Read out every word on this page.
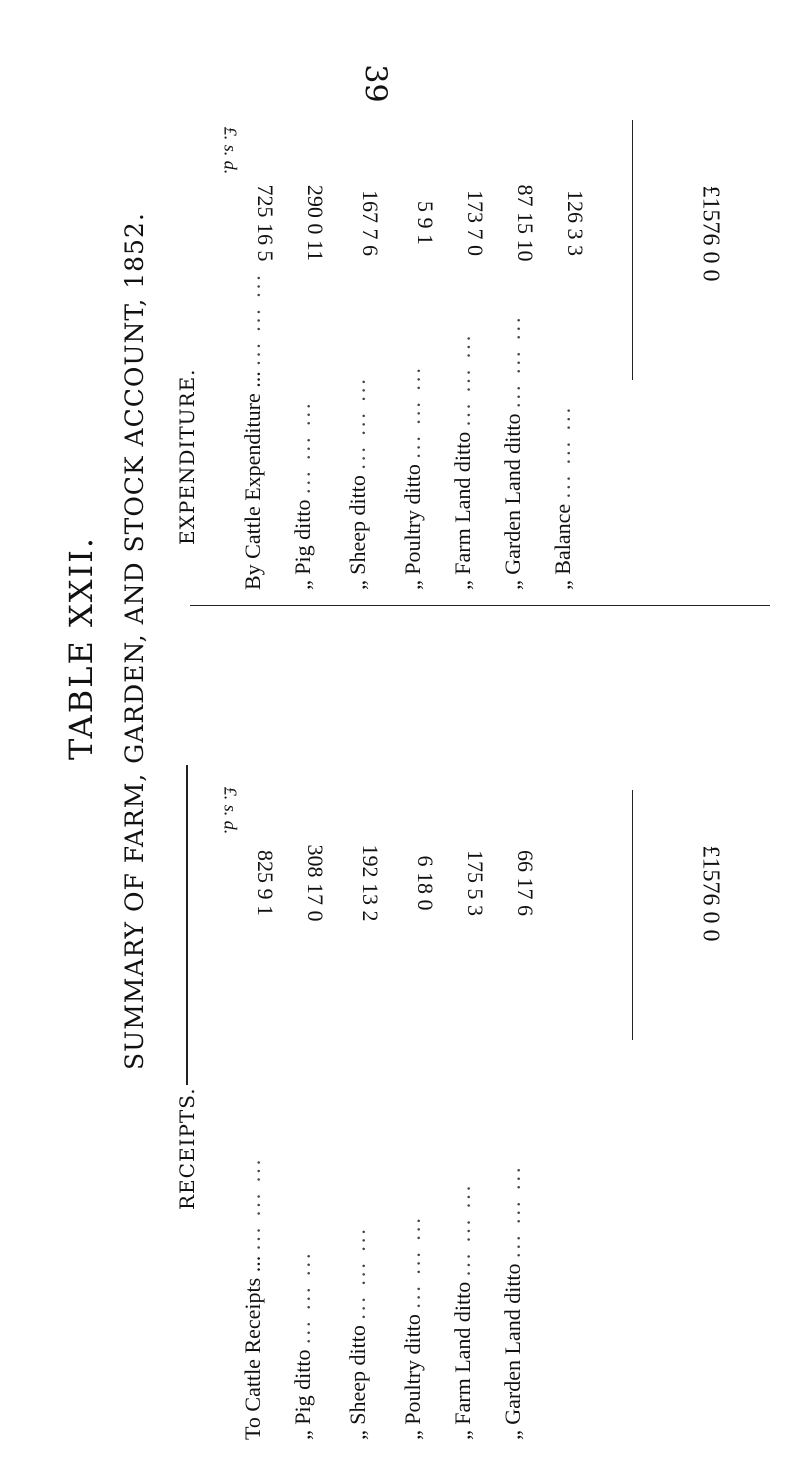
39
TABLE XXII. SUMMARY OF FARM, GARDEN, AND STOCK ACCOUNT, 1852. EXPENDITURE.
RECEIPTS.
£. s. d.
By Cattle Expenditure ... ... ... ...
725 16 5
„ Pig ditto ... ... ...
290 0 11
„ Sheep ditto ... ... ...
167 7 6
„ Poultry ditto ... ... ...
5 9 1
„ Farm Land ditto ... ... ...
173 7 0
„ Garden Land ditto ... ... ...
87 15 10
„ Balance ... ... ...
126 3 3	£1576 0 0
£. s. d.
To Cattle Receipts ... ... ... ...
825 9 1
„ Pig ditto ... ... ...
308 17 0
„ Sheep ditto ... ... ...
192 13 2
„ Poultry ditto ... ... ...
6 18 0
„ Farm Land ditto ... ... ...
175 5 3
„ Garden Land ditto ... ... ...
66 17 6	£1576 0 0
